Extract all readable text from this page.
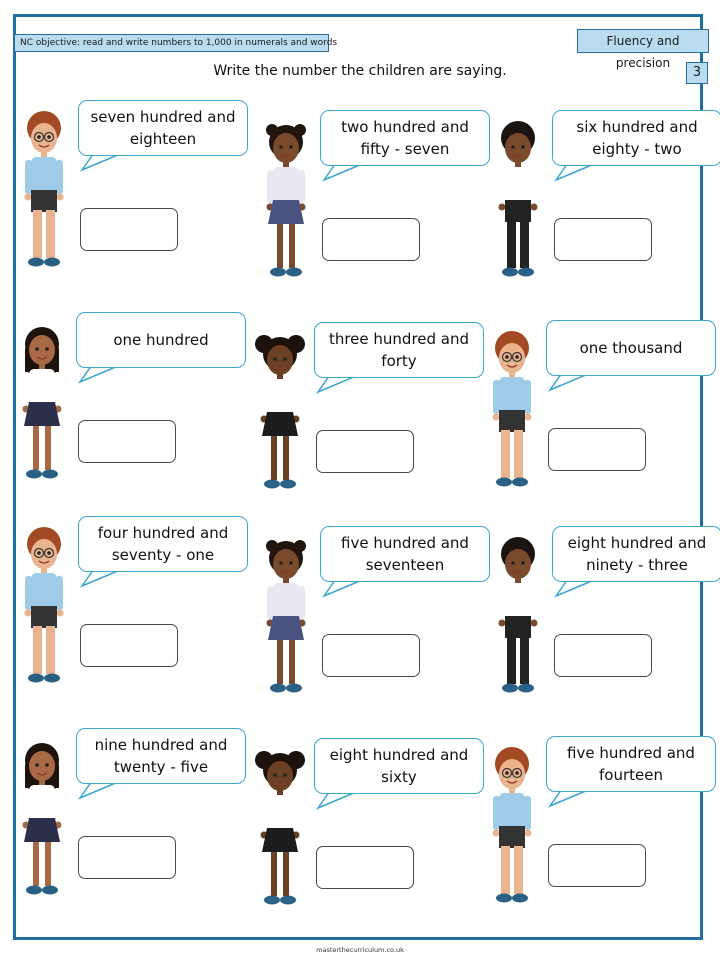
NC objective: read and write numbers to 1,000 in numerals and words	Fluency and precision
3
Write the number the children are saying.
seven hundred and
eighteen
two hundred and
fifty - seven
six hundred and
eighty - two
one hundred	three hundred and
forty
one thousand
four hundred and
seventy - one
five hundred and
seventeen
eight hundred and
ninety - three
nine hundred and
twenty - five
eight hundred and
sixty
five hundred and
fourteen
masterthecurriculum.co.uk
